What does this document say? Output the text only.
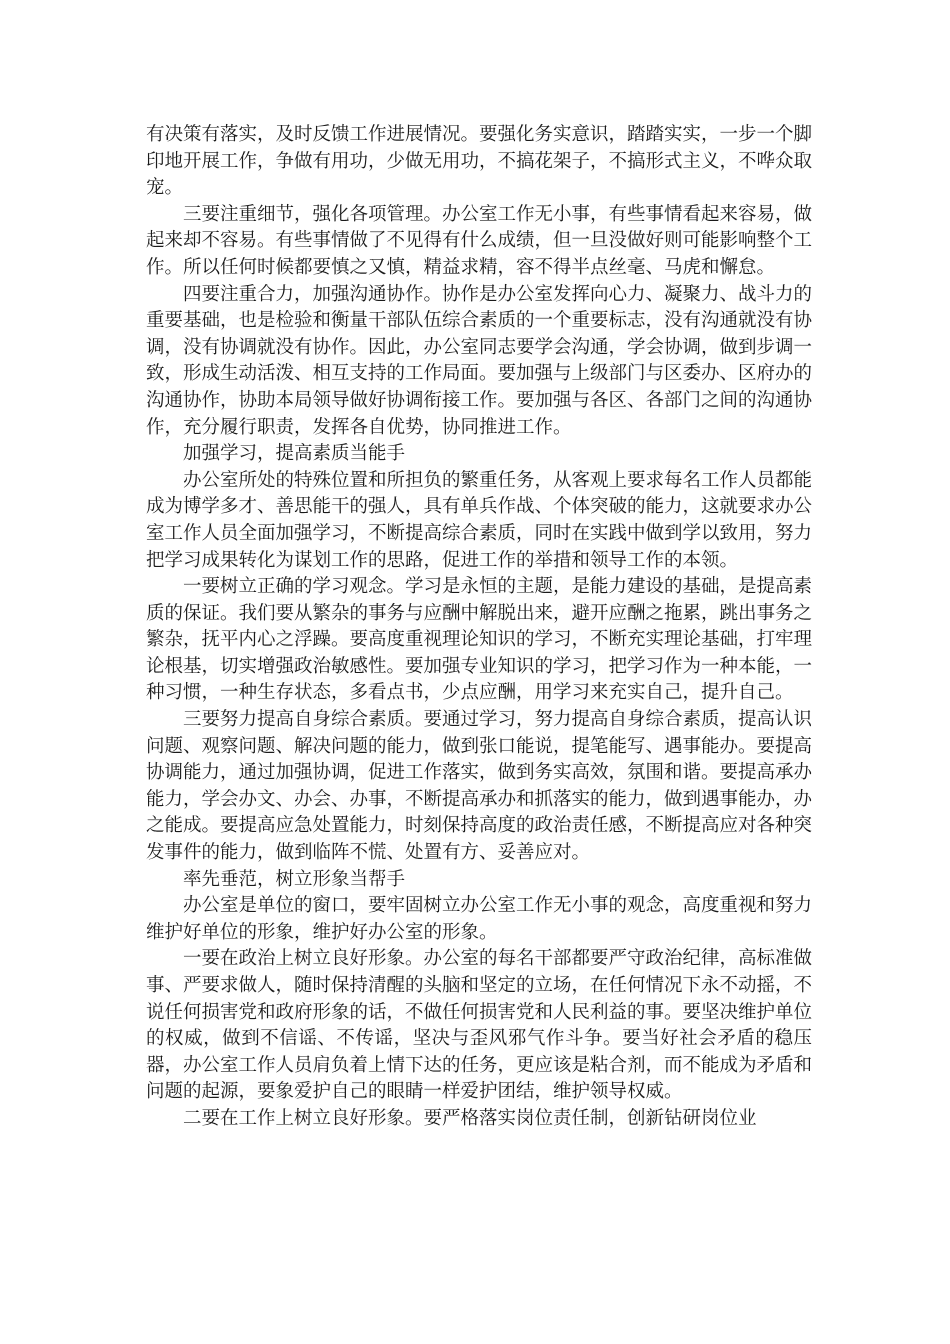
有决策有落实，及时反馈工作进展情况。要强化务实意识，踏踏实实，一步一个脚印地开展工作，争做有用功，少做无用功，不搞花架子，不搞形式主义，不哗众取宠。

三要注重细节，强化各项管理。办公室工作无小事，有些事情看起来容易，做起来却不容易。有些事情做了不见得有什么成绩，但一旦没做好则可能影响整个工作。所以任何时候都要慎之又慎，精益求精，容不得半点丝毫、马虎和懈怠。

四要注重合力，加强沟通协作。协作是办公室发挥向心力、凝聚力、战斗力的重要基础，也是检验和衡量干部队伍综合素质的一个重要标志，没有沟通就没有协调，没有协调就没有协作。因此，办公室同志要学会沟通，学会协调，做到步调一致，形成生动活泼、相互支持的工作局面。要加强与上级部门与区委办、区府办的沟通协作，协助本局领导做好协调衔接工作。要加强与各区、各部门之间的沟通协作，充分履行职责，发挥各自优势，协同推进工作。

加强学习，提高素质当能手

办公室所处的特殊位置和所担负的繁重任务，从客观上要求每名工作人员都能成为博学多才、善思能干的强人，具有单兵作战、个体突破的能力，这就要求办公室工作人员全面加强学习，不断提高综合素质，同时在实践中做到学以致用，努力把学习成果转化为谋划工作的思路，促进工作的举措和领导工作的本领。

一要树立正确的学习观念。学习是永恒的主题，是能力建设的基础，是提高素质的保证。我们要从繁杂的事务与应酬中解脱出来，避开应酬之拖累，跳出事务之繁杂，抚平内心之浮躁。要高度重视理论知识的学习，不断充实理论基础，打牢理论根基，切实增强政治敏感性。要加强专业知识的学习，把学习作为一种本能，一种习惯，一种生存状态，多看点书，少点应酬，用学习来充实自己，提升自己。

三要努力提高自身综合素质。要通过学习，努力提高自身综合素质，提高认识问题、观察问题、解决问题的能力，做到张口能说，提笔能写、遇事能办。要提高协调能力，通过加强协调，促进工作落实，做到务实高效，氛围和谐。要提高承办能力，学会办文、办会、办事，不断提高承办和抓落实的能力，做到遇事能办，办之能成。要提高应急处置能力，时刻保持高度的政治责任感，不断提高应对各种突发事件的能力，做到临阵不慌、处置有方、妥善应对。

率先垂范，树立形象当帮手

办公室是单位的窗口，要牢固树立办公室工作无小事的观念，高度重视和努力维护好单位的形象，维护好办公室的形象。

一要在政治上树立良好形象。办公室的每名干部都要严守政治纪律，高标准做事、严要求做人，随时保持清醒的头脑和坚定的立场，在任何情况下永不动摇，不说任何损害党和政府形象的话，不做任何损害党和人民利益的事。要坚决维护单位的权威，做到不信谣、不传谣，坚决与歪风邪气作斗争。要当好社会矛盾的稳压器，办公室工作人员肩负着上情下达的任务，更应该是粘合剂，而不能成为矛盾和问题的起源，要象爱护自己的眼睛一样爱护团结，维护领导权威。

二要在工作上树立良好形象。要严格落实岗位责任制，创新钻研岗位业
